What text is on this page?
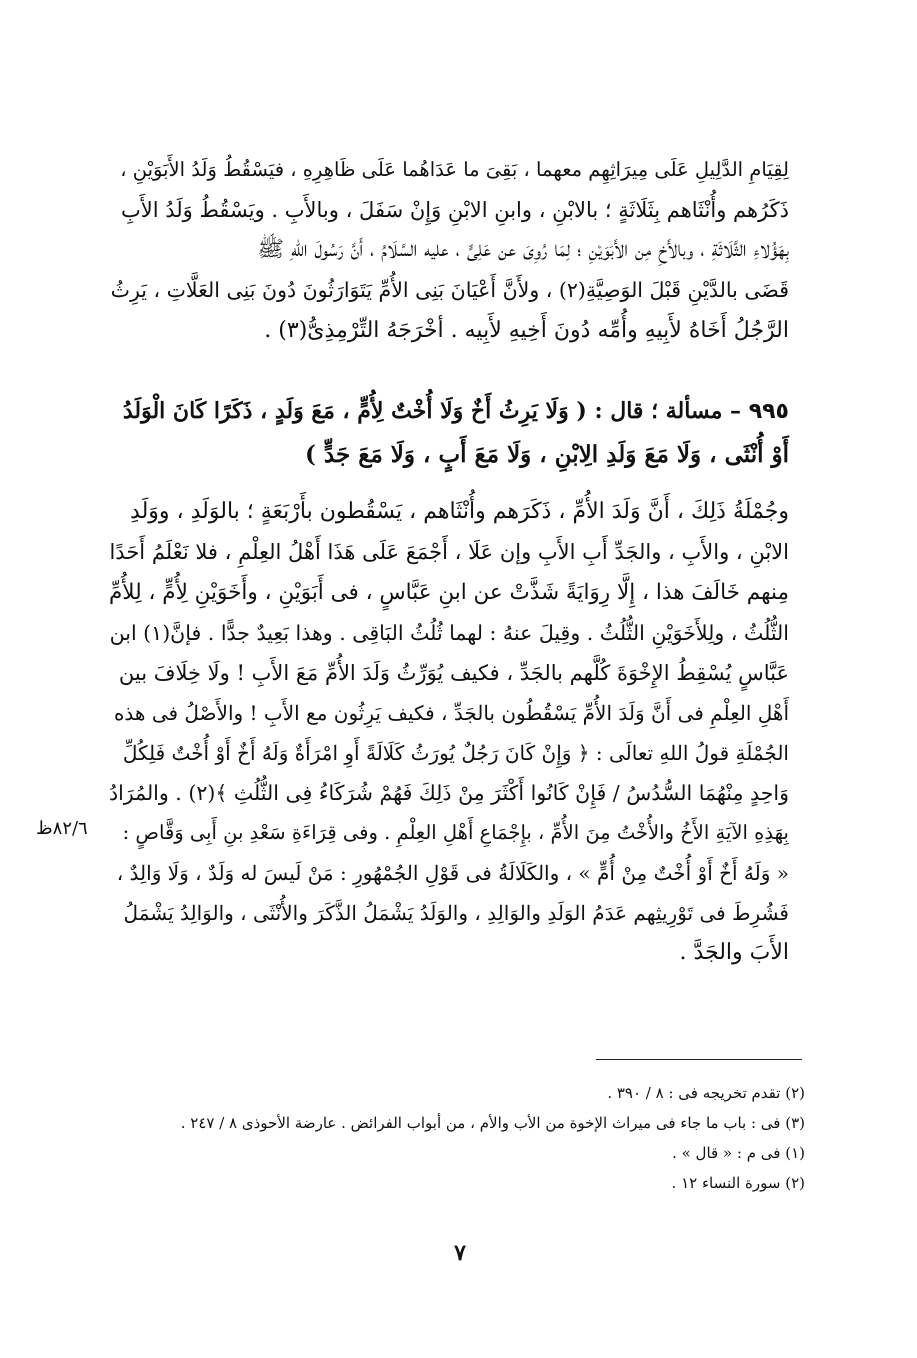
لِقِيَامِ الدَّلِيلِ عَلَى مِيرَاثِهِم معهما ، بَقِىَ ما عَدَاهُما عَلَى ظَاهِرِهِ ، فيَسْقُطُ وَلَدُ الأَبَوَيْنِ ،
ذَكَرُهم وأُنْثَاهم بِثَلَاثَةٍ ؛ بالابْنِ ، وابنِ الابْنِ وَإِنْ سَفَلَ ، وبالأَبِ . ويَسْقُطُ وَلَدُ الأَبِ
بِهَؤُلاءِ الثَّلَاثَةِ ، وبالأَخِ مِن الأَبَوَيْنِ ؛ لِمَا رُوِىَ عن عَلِىٍّ ، عليه السَّلَامُ ، أَنَّ رَسُولَ اللهِ ﷺ
قَضَى بالدَّيْنِ قَبْلَ الوَصِيَّةِ(٢) ، ولأَنَّ أَعْيَانَ بَنِى الأُمِّ يَتَوَارَثُونَ دُونَ بَنِى العَلَّاتِ ، يَرِثُ
الرَّجُلُ أَخَاهُ لأَبِيهِ وأُمِّه دُونَ أَخِيهِ لأَبِيه . أخْرَجَهُ التِّرْمِذِىُّ(٣) .
٩٩٥ – مسألة ؛ قال : ( وَلَا يَرِثُ أَخٌ وَلَا أُخْتٌ لِأُمٍّ ، مَعَ وَلَدٍ ، ذَكَرًا كَانَ الْوَلَدُ
أَوْ أُنْثَى ، وَلَا مَعَ وَلَدِ الِابْنِ ، وَلَا مَعَ أَبٍ ، وَلَا مَعَ جَدٍّ )
وجُمْلَةُ ذَلِكَ ، أَنَّ وَلَدَ الأُمِّ ، ذَكَرَهم وأُنْثَاهم ، يَسْقُطون بأَرْبَعَةٍ ؛ بالوَلَدِ ، ووَلَدِ
الابْنِ ، والأَبِ ، والجَدِّ أَبِ الأَبِ وإن عَلَا ، أَجْمَعَ عَلَى هَذَا أَهْلُ العِلْمِ ، فلا نَعْلَمُ أَحَدًا
مِنهم خَالَفَ هذا ، إِلَّا رِوَايَةً شَذَّتْ عن ابنِ عَبَّاسٍ ، فى أَبَوَيْنِ ، وأَخَوَيْنِ لِأُمٍّ ، لِلأُمِّ
الثُّلُثُ ، ولِلأَخَوَيْنِ الثُّلُثُ . وقِيلَ عنهُ : لهما ثُلُثُ البَاقِى . وهذا بَعِيدٌ جدًّا . فإنَّ(١) ابن
عَبَّاسٍ يُسْقِطُ الإِخْوَةَ كُلَّهم بالجَدِّ ، فكيف يُوَرِّثُ وَلَدَ الأُمِّ مَعَ الأَبِ ! ولَا خِلَافَ بين
أَهْلِ العِلْمِ فى أَنَّ وَلَدَ الأُمِّ يَسْقُطُون بالجَدِّ ، فكيف يَرِثُون مع الأَبِ ! والأَصْلُ فى هذه
الجُمْلَةِ قولُ اللهِ تعالَى : ﴿ وَإِنْ كَانَ رَجُلٌ يُورَثُ كَلَالَةً أَوِ امْرَأَةٌ وَلَهُ أَخٌ أَوْ أُخْتٌ فَلِكُلِّ
وَاحِدٍ مِنْهُمَا السُّدُسُ / فَإِنْ كَانُوا أَكْثَرَ مِنْ ذَلِكَ فَهُمْ شُرَكَاءُ فِى الثُّلُثِ ﴾(٢) . والمُرَادُ
بِهَذِهِ الآيَةِ الأَخُ والأُخْتُ مِنَ الأُمِّ ، بإِجْمَاعِ أَهْلِ العِلْمِ . وفى قِرَاءَةِ سَعْدِ بنِ أَبِى وَقَّاصٍ :
« وَلَهُ أَخٌ أَوْ أُخْتٌ مِنْ أُمٍّ » ، والكَلَالَةُ فى قَوْلِ الجُمْهُورِ : مَنْ لَيسَ له وَلَدٌ ، وَلَا وَالِدٌ ،
فَشُرِطَ فى تَوْرِيثِهم عَدَمُ الوَلَدِ والوَالِدِ ، والوَلَدُ يَشْمَلُ الذَّكَرَ والأُنْثَى ، والوَالِدُ يَشْمَلُ
الأَبَ والجَدَّ .
٨٢/٦ظ
(٢) تقدم تخريجه فى : ٨ / ٣٩٠ .
(٣) فى : باب ما جاء فى ميراث الإخوة من الأب والأم ، من أبواب الفرائض . عارضة الأحوذى ٨ / ٢٤٧ .
(١) فى م : « قال » .
(٢) سورة النساء ١٢ .
٧
